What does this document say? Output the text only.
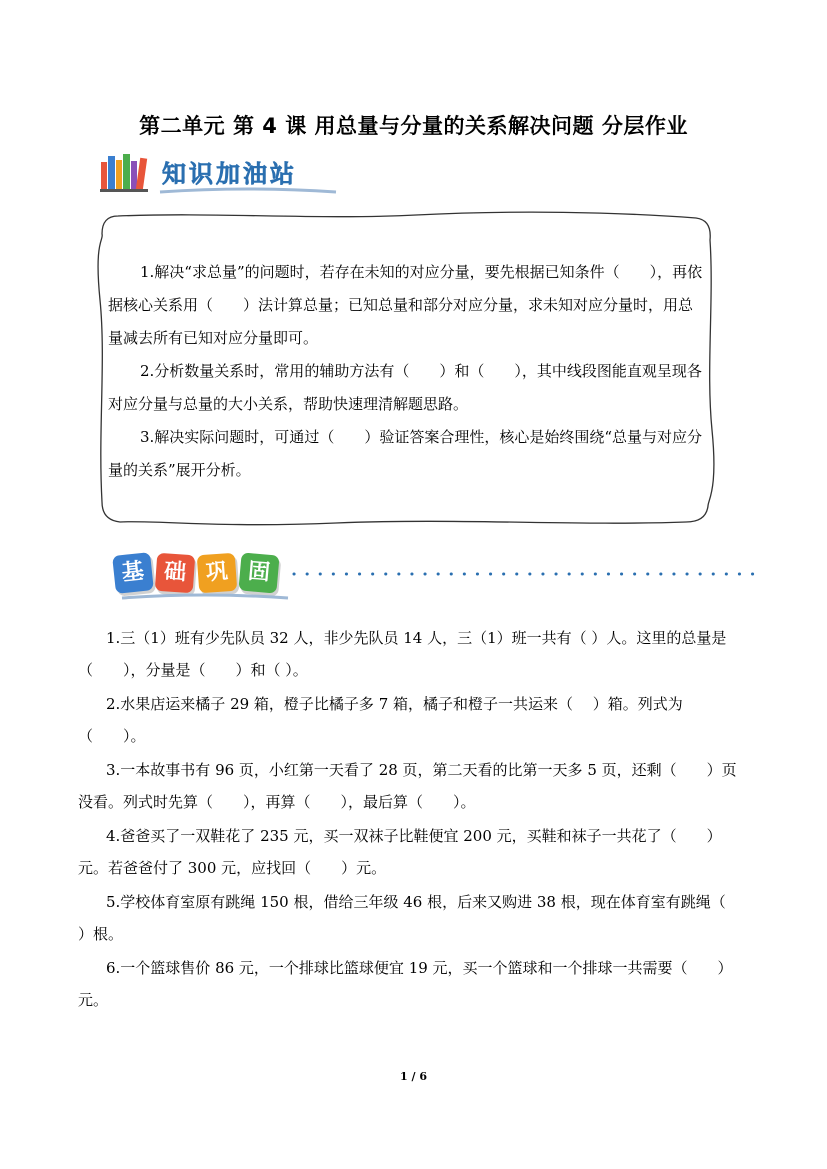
第二单元 第 4 课 用总量与分量的关系解决问题 分层作业
知识加油站

1.解决“求总量”的问题时，若存在未知的对应分量，要先根据已知条件（　　），再依据核心关系用（　　）法计算总量；已知总量和部分对应分量，求未知对应分量时，用总量减去所有已知对应分量即可。

2.分析数量关系时，常用的辅助方法有（　　）和（　　），其中线段图能直观呈现各对应分量与总量的大小关系，帮助快速理清解题思路。

3.解决实际问题时，可通过（　　）验证答案合理性，核心是始终围绕“总量与对应分量的关系”展开分析。

基 础 巩 固

1.三（1）班有少先队员 32 人，非少先队员 14 人，三（1）班一共有（ ）人。这里的总量是（　　），分量是（　　）和（ ）。

2.水果店运来橘子 29 箱，橙子比橘子多 7 箱，橘子和橙子一共运来（　 ）箱。列式为（　　）。

3.一本故事书有 96 页，小红第一天看了 28 页，第二天看的比第一天多 5 页，还剩（　　）页没看。列式时先算（　　），再算（　　），最后算（　　）。

4.爸爸买了一双鞋花了 235 元，买一双袜子比鞋便宜 200 元，买鞋和袜子一共花了（　　）元。若爸爸付了 300 元，应找回（　　）元。

5.学校体育室原有跳绳 150 根，借给三年级 46 根，后来又购进 38 根，现在体育室有跳绳（　 ）根。

6.一个篮球售价 86 元，一个排球比篮球便宜 19 元，买一个篮球和一个排球一共需要（　　）元。

1 / 6
